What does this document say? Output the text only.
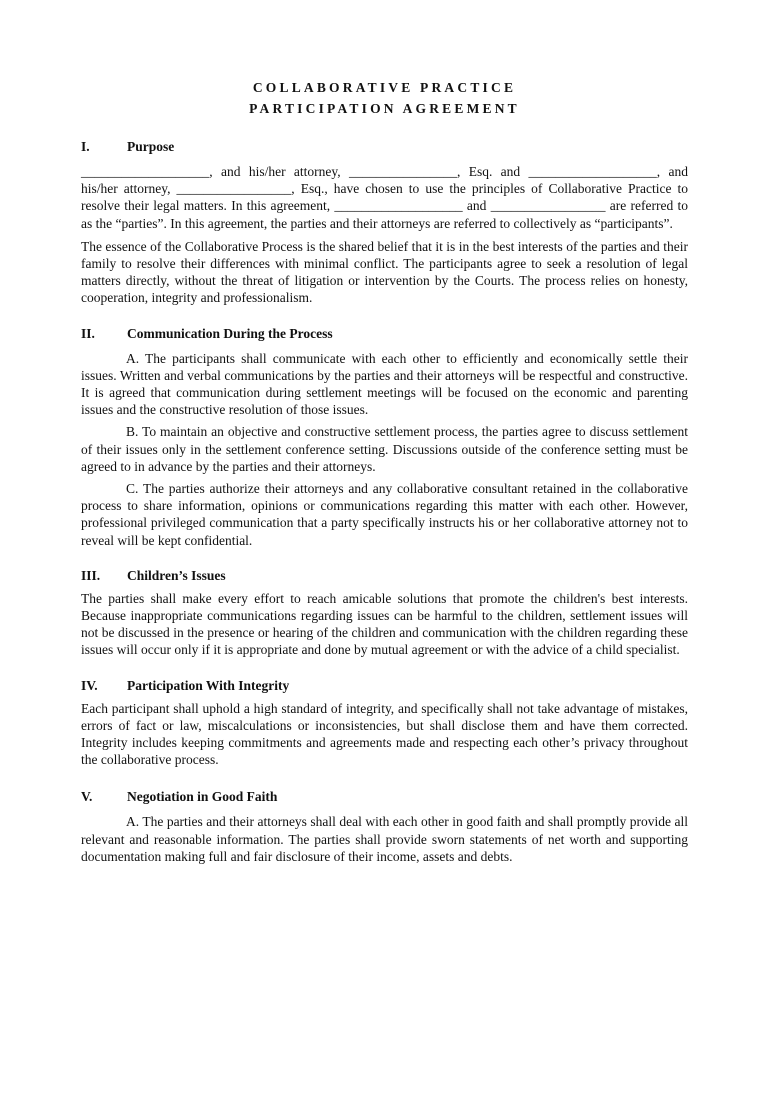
COLLABORATIVE PRACTICE
PARTICIPATION AGREEMENT
I.	Purpose

___________________, and his/her attorney, ________________, Esq. and ___________________, and his/her attorney, _________________, Esq., have chosen to use the principles of Collaborative Practice to resolve their legal matters. In this agreement, ___________________ and _________________ are referred to as the “parties”. In this agreement, the parties and their attorneys are referred to collectively as “participants”.

The essence of the Collaborative Process is the shared belief that it is in the best interests of the parties and their family to resolve their differences with minimal conflict. The participants agree to seek a resolution of legal matters directly, without the threat of litigation or intervention by the Courts. The process relies on honesty, cooperation, integrity and professionalism.

II.	Communication During the Process

A. The participants shall communicate with each other to efficiently and economically settle their issues. Written and verbal communications by the parties and their attorneys will be respectful and constructive. It is agreed that communication during settlement meetings will be focused on the economic and parenting issues and the constructive resolution of those issues.

B. To maintain an objective and constructive settlement process, the parties agree to discuss settlement of their issues only in the settlement conference setting. Discussions outside of the conference setting must be agreed to in advance by the parties and their attorneys.

C. The parties authorize their attorneys and any collaborative consultant retained in the collaborative process to share information, opinions or communications regarding this matter with each other. However, professional privileged communication that a party specifically instructs his or her collaborative attorney not to reveal will be kept confidential.

III.	Children’s Issues

The parties shall make every effort to reach amicable solutions that promote the children's best interests. Because inappropriate communications regarding issues can be harmful to the children, settlement issues will not be discussed in the presence or hearing of the children and communication with the children regarding these issues will occur only if it is appropriate and done by mutual agreement or with the advice of a child specialist.

IV.	Participation With Integrity

Each participant shall uphold a high standard of integrity, and specifically shall not take advantage of mistakes, errors of fact or law, miscalculations or inconsistencies, but shall disclose them and have them corrected. Integrity includes keeping commitments and agreements made and respecting each other’s privacy throughout the collaborative process.

V.	Negotiation in Good Faith

A. The parties and their attorneys shall deal with each other in good faith and shall promptly provide all relevant and reasonable information. The parties shall provide sworn statements of net worth and supporting documentation making full and fair disclosure of their income, assets and debts.
